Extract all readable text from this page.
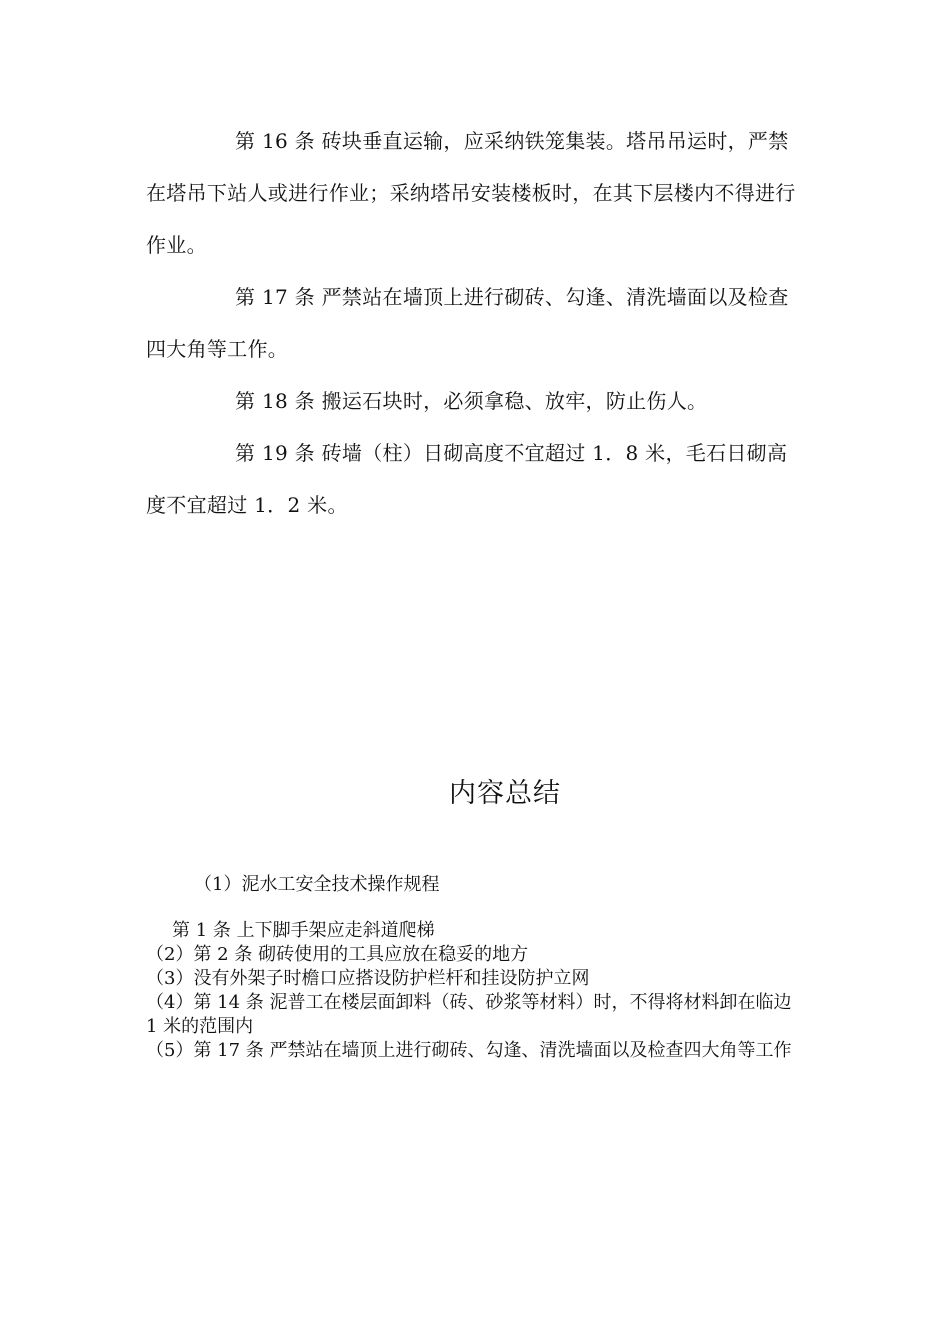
第 16 条 砖块垂直运输，应采纳铁笼集装。塔吊吊运时，严禁在塔吊下站人或进行作业；采纳塔吊安装楼板时，在其下层楼内不得进行作业。

第 17 条 严禁站在墙顶上进行砌砖、勾逢、清洗墙面以及检查四大角等工作。

第 18 条 搬运石块时，必须拿稳、放牢，防止伤人。

第 19 条 砖墙（柱）日砌高度不宜超过 1．8 米，毛石日砌高度不宜超过 1．2 米。

内容总结

（1）泥水工安全技术操作规程

第 1 条 上下脚手架应走斜道爬梯

（2）第 2 条 砌砖使用的工具应放在稳妥的地方

（3）没有外架子时檐口应搭设防护栏杆和挂设防护立网

（4）第 14 条 泥普工在楼层面卸料（砖、砂浆等材料）时，不得将材料卸在临边 1 米的范围内

（5）第 17 条 严禁站在墙顶上进行砌砖、勾逢、清洗墙面以及检查四大角等工作
